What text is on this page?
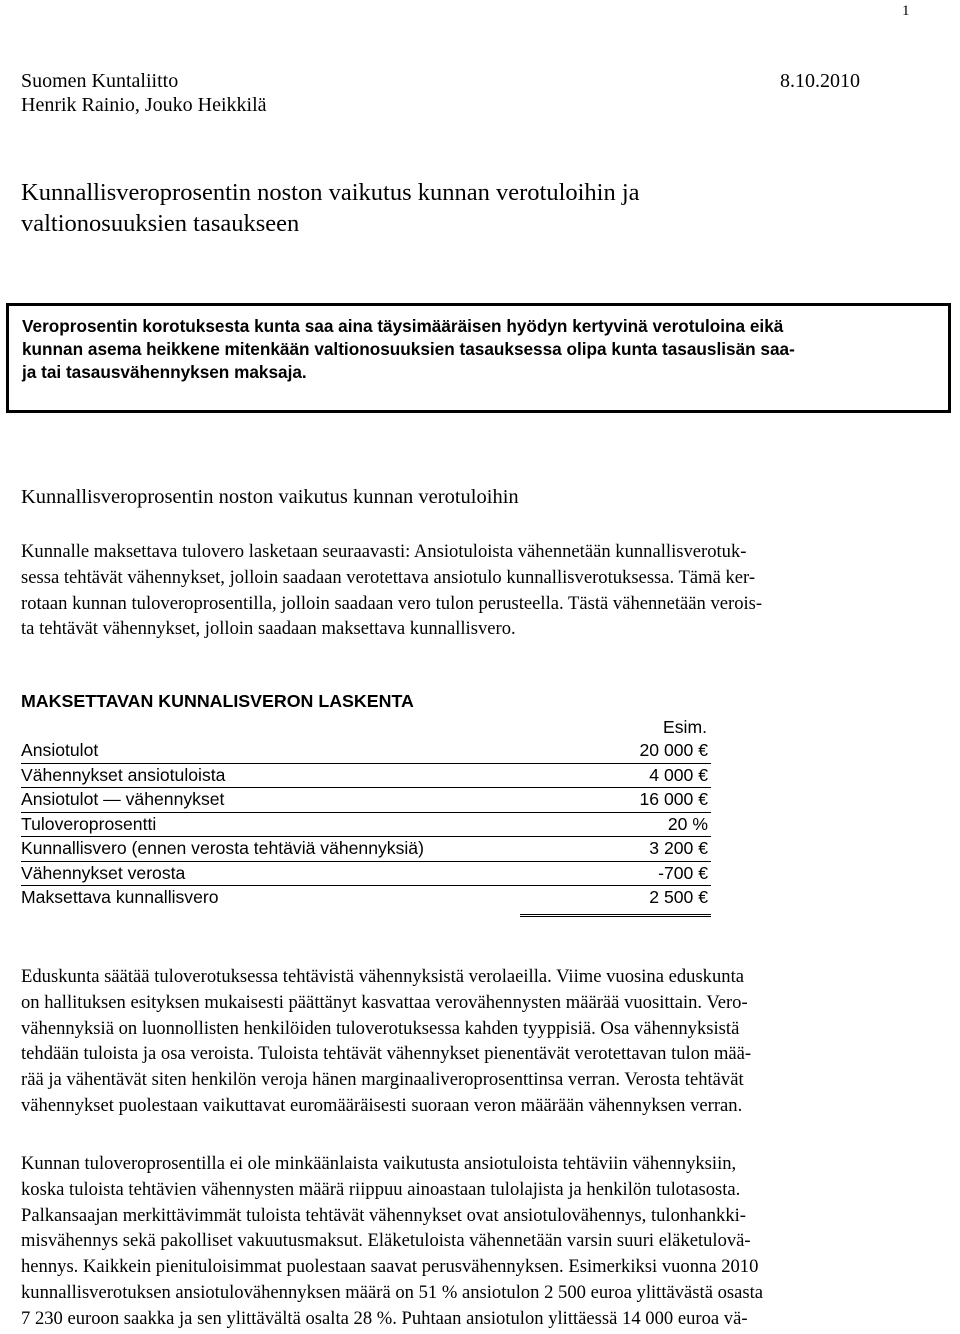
1
Suomen Kuntaliitto	8.10.2010
Henrik Rainio, Jouko Heikkilä
Kunnallisveroprosentin noston vaikutus kunnan verotuloihin ja
valtionosuuksien tasaukseen
Veroprosentin korotuksesta kunta saa aina täysimääräisen hyödyn kertyvinä verotuloina eikä
kunnan asema heikkene mitenkään valtionosuuksien tasauksessa olipa kunta tasauslisän saa-
ja tai tasausvähennyksen maksaja.
Kunnallisveroprosentin noston vaikutus kunnan verotuloihin
Kunnalle maksettava tulovero lasketaan seuraavasti: Ansiotuloista vähennetään kunnallisverotuk-
sessa tehtävät vähennykset, jolloin saadaan verotettava ansiotulo kunnallisverotuksessa. Tämä ker-
rotaan kunnan tuloveroprosentilla, jolloin saadaan vero tulon perusteella. Tästä vähennetään verois-
ta tehtävät vähennykset, jolloin saadaan maksettava kunnallisvero.
MAKSETTAVAN KUNNALISVERON LASKENTA
Esim.
Ansiotulot	20 000 €
Vähennykset ansiotuloista	4 000 €
Ansiotulot — vähennykset	16 000 €
Tuloveroprosentti	20 %
Kunnallisvero (ennen verosta tehtäviä vähennyksiä)	3 200 €
Vähennykset verosta	-700 €
Maksettava kunnallisvero	2 500 €
Eduskunta säätää tuloverotuksessa tehtävistä vähennyksistä verolaeilla. Viime vuosina eduskunta
on hallituksen esityksen mukaisesti päättänyt kasvattaa verovähennysten määrää vuosittain. Vero-
vähennyksiä on luonnollisten henkilöiden tuloverotuksessa kahden tyyppisiä. Osa vähennyksistä
tehdään tuloista ja osa veroista. Tuloista tehtävät vähennykset pienentävät verotettavan tulon mää-
rää ja vähentävät siten henkilön veroja hänen marginaaliveroprosenttinsa verran. Verosta tehtävät
vähennykset puolestaan vaikuttavat euromääräisesti suoraan veron määrään vähennyksen verran.
Kunnan tuloveroprosentilla ei ole minkäänlaista vaikutusta ansiotuloista tehtäviin vähennyksiin,
koska tuloista tehtävien vähennysten määrä riippuu ainoastaan tulolajista ja henkilön tulotasosta.
Palkansaajan merkittävimmät tuloista tehtävät vähennykset ovat ansiotulovähennys, tulonhankki-
misvähennys sekä pakolliset vakuutusmaksut. Eläketuloista vähennetään varsin suuri eläketulovä-
hennys. Kaikkein pienituloisimmat puolestaan saavat perusvähennyksen. Esimerkiksi vuonna 2010
kunnallisverotuksen ansiotulovähennyksen määrä on 51 % ansiotulon 2 500 euroa ylittävästä osasta
7 230 euroon saakka ja sen ylittävältä osalta 28 %. Puhtaan ansiotulon ylittäessä 14 000 euroa vä-
